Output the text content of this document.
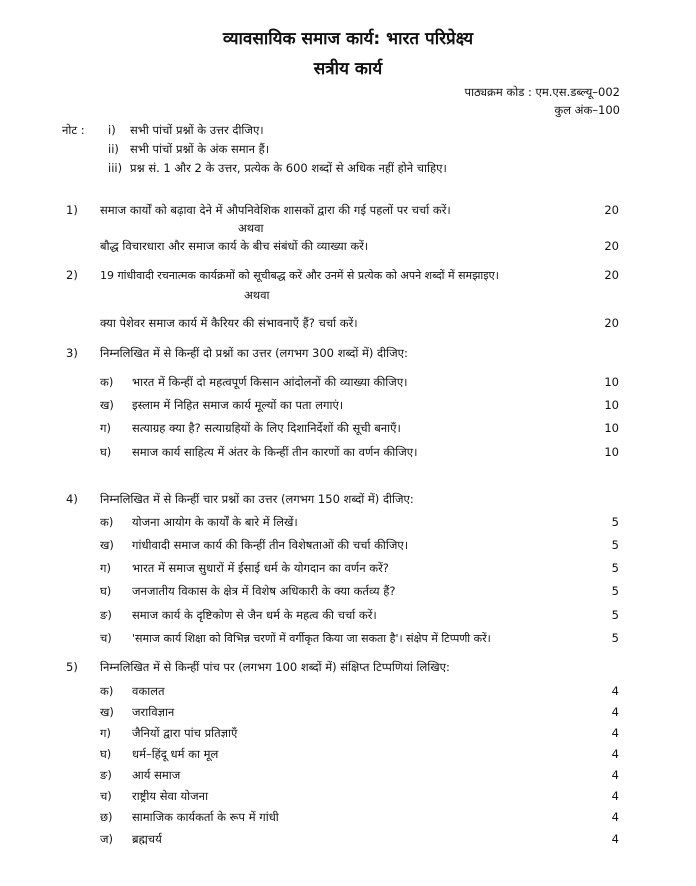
व्यावसायिक समाज कार्य: भारत परिप्रेक्ष्य
सत्रीय कार्य
पाठ्यक्रम कोड : एम.एस.डब्ल्यू–002
कुल अंक–100
नोट : i) सभी पांचों प्रश्नों के उत्तर दीजिए।
ii) सभी पांचों प्रश्नों के अंक समान हैं।
iii) प्रश्न सं. 1 और 2 के उत्तर, प्रत्येक के 600 शब्दों से अधिक नहीं होने चाहिए।
1) समाज कार्यों को बढ़ावा देने में औपनिवेशिक शासकों द्वारा की गई पहलों पर चर्चा करें।	20
अथवा
बौद्ध विचारधारा और समाज कार्य के बीच संबंधों की व्याख्या करें।	20
2) 19 गांधीवादी रचनात्मक कार्यक्रमों को सूचीबद्ध करें और उनमें से प्रत्येक को अपने शब्दों में समझाइए।	20
अथवा
क्या पेशेवर समाज कार्य में कैरियर की संभावनाएँ हैं? चर्चा करें।	20
3) निम्नलिखित में से किन्हीं दो प्रश्नों का उत्तर (लगभग 300 शब्दों में) दीजिए:
क) भारत में किन्हीं दो महत्वपूर्ण किसान आंदोलनों की व्याख्या कीजिए।	10
ख) इस्लाम में निहित समाज कार्य मूल्यों का पता लगाएं।	10
ग) सत्याग्रह क्या है? सत्याग्रहियों के लिए दिशानिर्देशों की सूची बनाएँ।	10
घ) समाज कार्य साहित्य में अंतर के किन्हीं तीन कारणों का वर्णन कीजिए।	10
4) निम्नलिखित में से किन्हीं चार प्रश्नों का उत्तर (लगभग 150 शब्दों में) दीजिए:
क) योजना आयोग के कार्यों के बारे में लिखें।	5
ख) गांधीवादी समाज कार्य की किन्हीं तीन विशेषताओं की चर्चा कीजिए।	5
ग) भारत में समाज सुधारों में ईसाई धर्म के योगदान का वर्णन करें?	5
घ) जनजातीय विकास के क्षेत्र में विशेष अधिकारी के क्या कर्तव्य हैं?	5
ङ) समाज कार्य के दृष्टिकोण से जैन धर्म के महत्व की चर्चा करें।	5
च) 'समाज कार्य शिक्षा को विभिन्न चरणों में वर्गीकृत किया जा सकता है'। संक्षेप में टिप्पणी करें।	5
5) निम्नलिखित में से किन्हीं पांच पर (लगभग 100 शब्दों में) संक्षिप्त टिप्पणियां लिखिए:
क) वकालत	4
ख) जराविज्ञान	4
ग) जैनियों द्वारा पांच प्रतिज्ञाएँ	4
घ) धर्म–हिंदू धर्म का मूल	4
ङ) आर्य समाज	4
च) राष्ट्रीय सेवा योजना	4
छ) सामाजिक कार्यकर्ता के रूप में गांधी	4
ज) ब्रह्मचर्य	4
